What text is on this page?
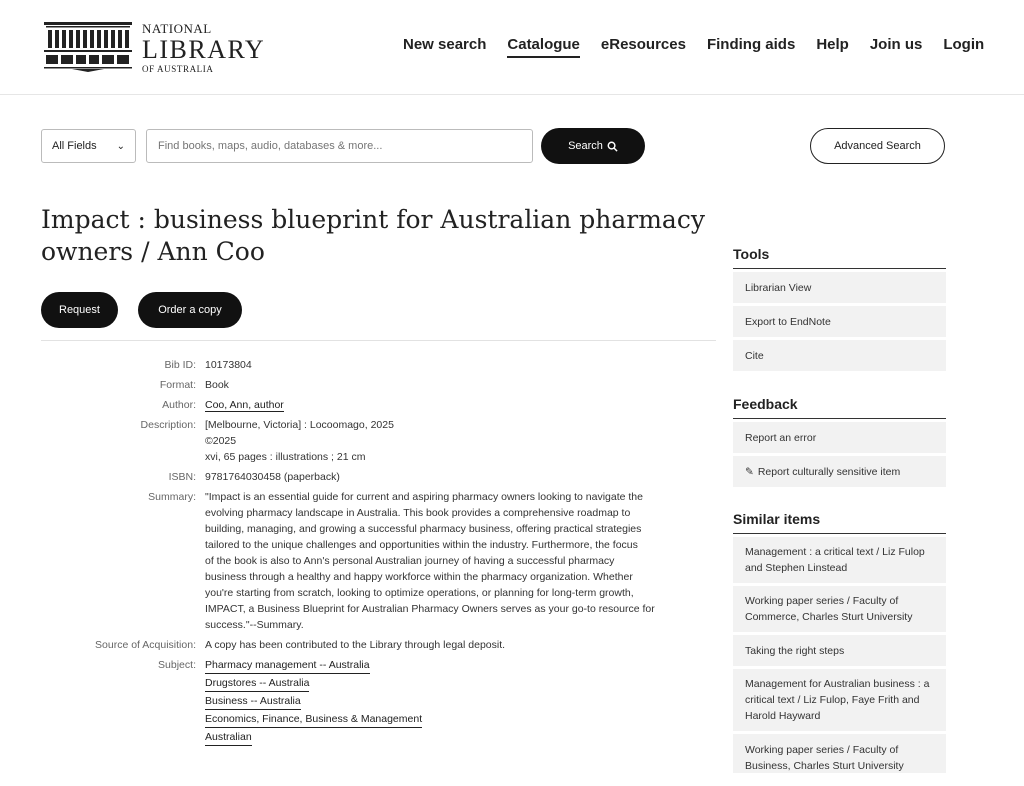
NATIONAL
LIBRARY
OF AUSTRALIA
New search Catalogue eResources Finding aids Help Join us Login
All Fields ⌄
Find books, maps, audio, databases & more...	Search	Advanced Search
Impact : business blueprint for Australian pharmacy owners / Ann Coo
Request	Order a copy
Bib ID: 10173804
Format: Book
Author: Coo, Ann, author
Description: [Melbourne, Victoria] : Locoomago, 2025
©2025
xvi, 65 pages : illustrations ; 21 cm
ISBN: 9781764030458 (paperback)
Summary: "Impact is an essential guide for current and aspiring pharmacy owners looking to navigate the
evolving pharmacy landscape in Australia. This book provides a comprehensive roadmap to
building, managing, and growing a successful pharmacy business, offering practical strategies
tailored to the unique challenges and opportunities within the industry. Furthermore, the focus
of the book is also to Ann's personal Australian journey of having a successful pharmacy
business through a healthy and happy workforce within the pharmacy organization. Whether
you're starting from scratch, looking to optimize operations, or planning for long-term growth,
IMPACT, a Business Blueprint for Australian Pharmacy Owners serves as your go-to resource for
success."--Summary.
Source of Acquisition: A copy has been contributed to the Library through legal deposit.
Subject: Pharmacy management -- Australia
Drugstores -- Australia
Business -- Australia
Economics, Finance, Business & Management
Australian
Tools
Librarian View
Export to EndNote
Cite
Feedback
Report an error
✎ Report culturally sensitive item
Similar items
Management : a critical text / Liz Fulop and Stephen Linstead
Working paper series / Faculty of Commerce, Charles Sturt University
Taking the right steps
Management for Australian business : a critical text / Liz Fulop, Faye Frith and Harold Hayward
Working paper series / Faculty of Business, Charles Sturt University
